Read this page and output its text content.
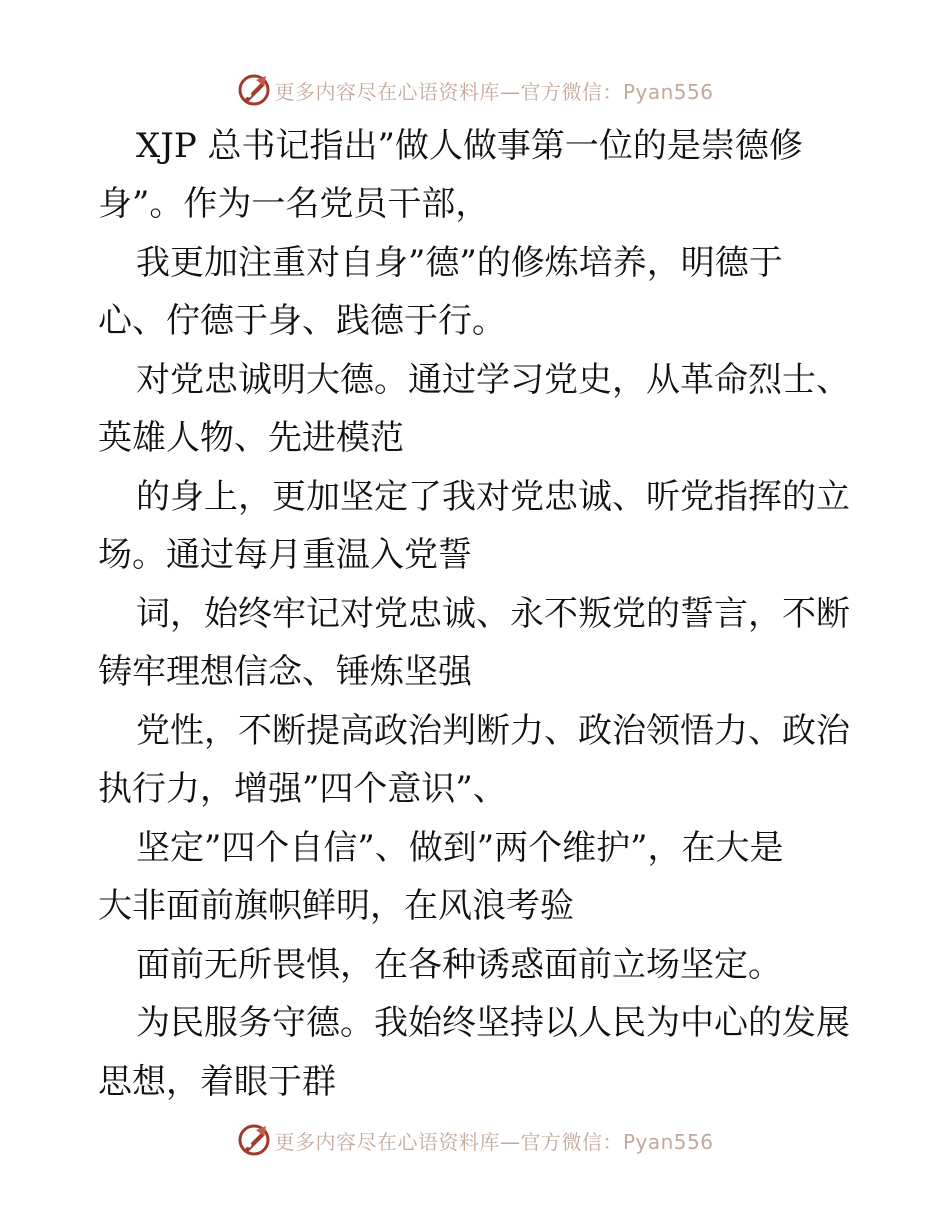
更多内容尽在心语资料库—官方微信：Pyan556
XJP 总书记指出”做人做事第一位的是崇德修
身”。作为一名党员干部，
我更加注重对自身”德”的修炼培养，明德于
心、佇德于身、践德于行。
对党忠诚明大德。通过学习党史，从革命烈士、
英雄人物、先进模范
的身上，更加坚定了我对党忠诚、听党指挥的立
场。通过每月重温入党誓
词，始终牢记对党忠诚、永不叛党的誓言，不断
铸牢理想信念、锤炼坚强
党性，不断提高政治判断力、政治领悟力、政治
执行力，增强”四个意识”、
坚定”四个自信”、做到”两个维护”，在大是
大非面前旗帜鲜明，在风浪考验
面前无所畏惧，在各种诱惑面前立场坚定。
为民服务守德。我始终坚持以人民为中心的发展
思想，着眼于群
更多内容尽在心语资料库—官方微信：Pyan556
